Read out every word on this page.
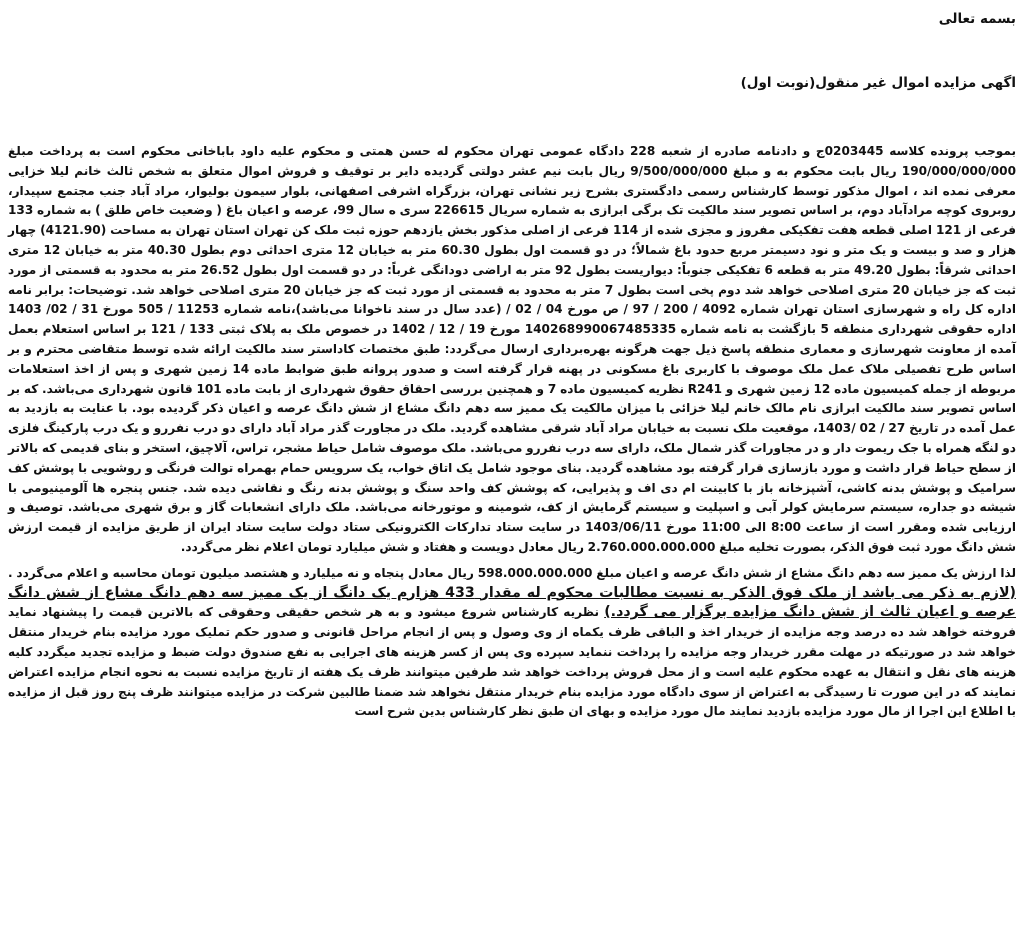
بسمه تعالی

اگهی مزایده اموال غیر منقول(نوبت اول)

بموجب پرونده کلاسه 0203445ج و دادنامه صادره از شعبه 228 دادگاه عمومی تهران محکوم له حسن همتی و محکوم علیه داود باباخانی محکوم است به پرداخت مبلغ 190/000/000/000 ریال بابت محکوم به و مبلغ 9/500/000/000 ریال بابت نیم عشر دولتی گردیده دایر بر توقیف و فروش اموال متعلق به شخص ثالث خانم لیلا خزایی معرفی نمده اند ، اموال مذکور توسط کارشناس رسمی دادگستری بشرح زیر نشانی تهران، بزرگراه اشرفی اصفهانی، بلوار سیمون بولیوار، مراد آباد جنب مجتمع سپیدار، روبروی کوچه مرادآباد دوم، بر اساس تصویر سند مالکیت تک برگی ابرازی به شماره سریال 226615 سری ه سال 99، عرصه و اعیان باغ ( وضعیت خاص طلق ) به شماره 133 فرعی از 121 اصلی قطعه هفت تفکیکی مفروز و مجزی شده از 114 فرعی از اصلی مذکور بخش یازدهم حوزه ثبت ملک کن تهران استان تهران به مساحت (4121.90) چهار هزار و صد و بیست و یک متر و نود دسیمتر مربع حدود باغ شمالاً؛ در دو قسمت اول بطول 60.30 متر به خیابان 12 متری احداثی دوم بطول 40.30 متر به خیابان 12 متری احداثی شرقاً: بطول 49.20 متر به قطعه 6 تفکیکی جنوباً: دیواریست بطول 92 متر به اراضی دودانگی غرباً: در دو قسمت اول بطول 26.52 متر به محدود به قسمتی از مورد ثبت که جز خیابان 20 متری اصلاحی خواهد شد دوم پخی است بطول 7 متر به محدود به قسمتی از مورد ثبت که جز خیابان 20 متری اصلاحی خواهد شد. توضیحات: برابر نامه اداره کل راه و شهرسازی استان تهران شماره 4092 / 200 / 97 / ص مورخ 04 / 02 / (عدد سال در سند ناخوانا می‌باشد)،نامه شماره 11253 / 505 مورخ 31 / 02/ 1403 اداره حقوقی شهرداری منطقه 5 بازگشت به نامه شماره 140268990067485335 مورخ 19 / 12 / 1402 در خصوص ملک به پلاک ثبتی 133 / 121 بر اساس استعلام بعمل آمده از معاونت شهرسازی و معماری منطقه پاسخ ذیل جهت هرگونه بهره‌برداری ارسال می‌گردد: طبق مختصات کاداستر سند مالکیت ارائه شده توسط متقاضی محترم و بر اساس طرح تفصیلی ملاک عمل ملک موصوف با کاربری باغ مسکونی در پهنه قرار گرفته است و صدور پروانه طبق ضوابط ماده 14 زمین شهری و پس از اخذ استعلامات مربوطه از جمله کمیسیون ماده 12 زمین شهری و R241 نظریه کمیسیون ماده 7 و همچنین بررسی احقاق حقوق شهرداری از بابت ماده 101 قانون شهرداری می‌باشد. که بر اساس تصویر سند مالکیت ابرازی نام مالک خانم لیلا خزائی با میزان مالکیت یک ممیز سه دهم دانگ مشاع از شش دانگ عرصه و اعیان ذکر گردیده بود. با عنایت به بازدید به عمل آمده در تاریخ 27 / 02 /1403، موقعیت ملک نسبت به خیابان مراد آباد شرقی مشاهده گردید. ملک در مجاورت گذر مراد آباد دارای دو درب نفررو و یک درب پارکینگ فلزی دو لنگه همراه با جک ریموت دار و در مجاورات گذر شمال ملک، دارای سه درب نفررو می‌باشد. ملک موصوف شامل حیاط مشجر، تراس، آلاچیق، استخر و بنای قدیمی که بالاتر از سطح حیاط قرار داشت و مورد بازسازی قرار گرفته بود مشاهده گردید. بنای موجود شامل یک اتاق خواب، یک سرویس حمام بهمراه توالت فرنگی و روشویی با پوشش کف سرامیک و پوشش بدنه کاشی، آشپزخانه باز با کابینت ام دی اف و پذیرایی، که پوشش کف واحد سنگ و پوشش بدنه رنگ و نقاشی دیده شد. جنس پنجره ها آلومینیومی با شیشه دو جداره، سیستم سرمایش کولر آبی و اسپلیت و سیستم گرمایش از کف، شومینه و موتورخانه می‌باشد. ملک دارای انشعابات گاز و برق شهری می‌باشد. توصیف و ارزیابی شده ومقرر است از ساعت 8:00 الی 11:00 مورخ 1403/06/11 در سایت ستاد تدارکات الکترونیکی ستاد دولت سایت ستاد ایران از طریق مزایده از قیمت ارزش شش دانگ مورد ثبت فوق الذکر، بصورت تخلیه مبلغ 2.760.000.000.000 ریال معادل دویست و هفتاد و شش میلیارد تومان اعلام نظر می‌گردد.

لذا ارزش یک ممیز سه دهم دانگ مشاع از شش دانگ عرصه و اعیان مبلغ 598.000.000.000 ریال معادل پنجاه و نه میلیارد و هشتصد میلیون تومان محاسبه و اعلام می‌گردد . (لازم به ذکر می باشد از ملک فوق الذکر به نسبت مطالبات محکوم له مقدار 433 هزارم یک دانگ از یک ممیز سه دهم دانگ مشاع از شش دانگ عرصه و اعیان ثالث از شش دانگ مزایده برگزار می گردد.) نظریه کارشناس شروع میشود و به هر شخص حقیقی وحقوقی که بالاترین قیمت را پیشنهاد نماید فروخته خواهد شد ده درصد وجه مزایده از خریدار اخذ و الباقی ظرف یکماه از وی وصول و پس از انجام مراحل قانونی و صدور حکم تملیک مورد مزایده بنام خریدار منتقل خواهد شد در صورتیکه در مهلت مقرر خریدار وجه مزایده را پرداخت ننماید سپرده وی پس از کسر هزینه های اجرایی به نفع صندوق دولت ضبط و مزایده تجدید میگردد کلیه هزینه های نقل و انتقال به عهده محکوم علیه است و از محل فروش پرداخت خواهد شد طرفین میتوانند ظرف یک هفته از تاریخ مزایده نسبت به نحوه انجام مزایده اعتراض نمایند که در این صورت تا رسیدگی به اعتراض از سوی دادگاه مورد مزایده بنام خریدار منتقل نخواهد شد ضمنا طالبین شرکت در مزایده میتوانند ظرف پنج روز قبل از مزایده با اطلاع این اجرا از مال مورد مزایده بازدید نمایند مال مورد مزایده و بهای ان طبق نظر کارشناس بدین شرح است
